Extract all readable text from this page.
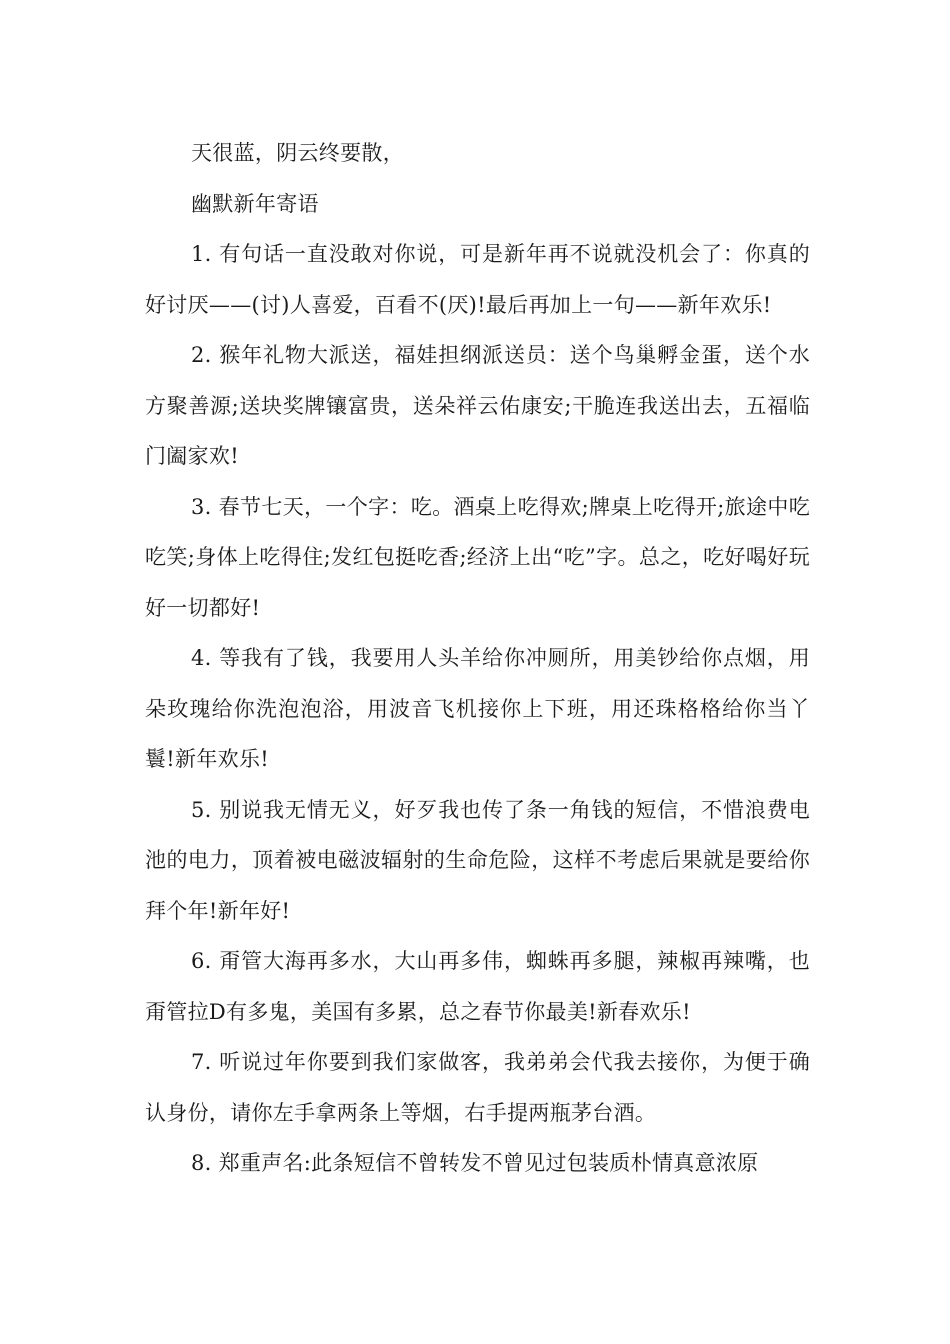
天很蓝，阴云终要散，

幽默新年寄语

1. 有句话一直没敢对你说，可是新年再不说就没机会了：你真的好讨厌——(讨)人喜爱，百看不(厌)!最后再加上一句——新年欢乐!

2. 猴年礼物大派送，福娃担纲派送员：送个鸟巢孵金蛋，送个水方聚善源;送块奖牌镶富贵，送朵祥云佑康安;干脆连我送出去，五福临门阖家欢!

3. 春节七天，一个字：吃。酒桌上吃得欢;牌桌上吃得开;旅途中吃吃笑;身体上吃得住;发红包挺吃香;经济上出“吃”字。总之，吃好喝好玩好一切都好!

4. 等我有了钱，我要用人头羊给你冲厕所，用美钞给你点烟，用朵玫瑰给你洗泡泡浴，用波音飞机接你上下班，用还珠格格给你当丫鬟!新年欢乐!

5. 别说我无情无义，好歹我也传了条一角钱的短信，不惜浪费电池的电力，顶着被电磁波辐射的生命危险，这样不考虑后果就是要给你拜个年!新年好!

6. 甭管大海再多水，大山再多伟，蜘蛛再多腿，辣椒再辣嘴，也甭管拉D有多鬼，美国有多累，总之春节你最美!新春欢乐!

7. 听说过年你要到我们家做客，我弟弟会代我去接你，为便于确认身份，请你左手拿两条上等烟，右手提两瓶茅台酒。

8. 郑重声名:此条短信不曾转发不曾见过包装质朴情真意浓原
